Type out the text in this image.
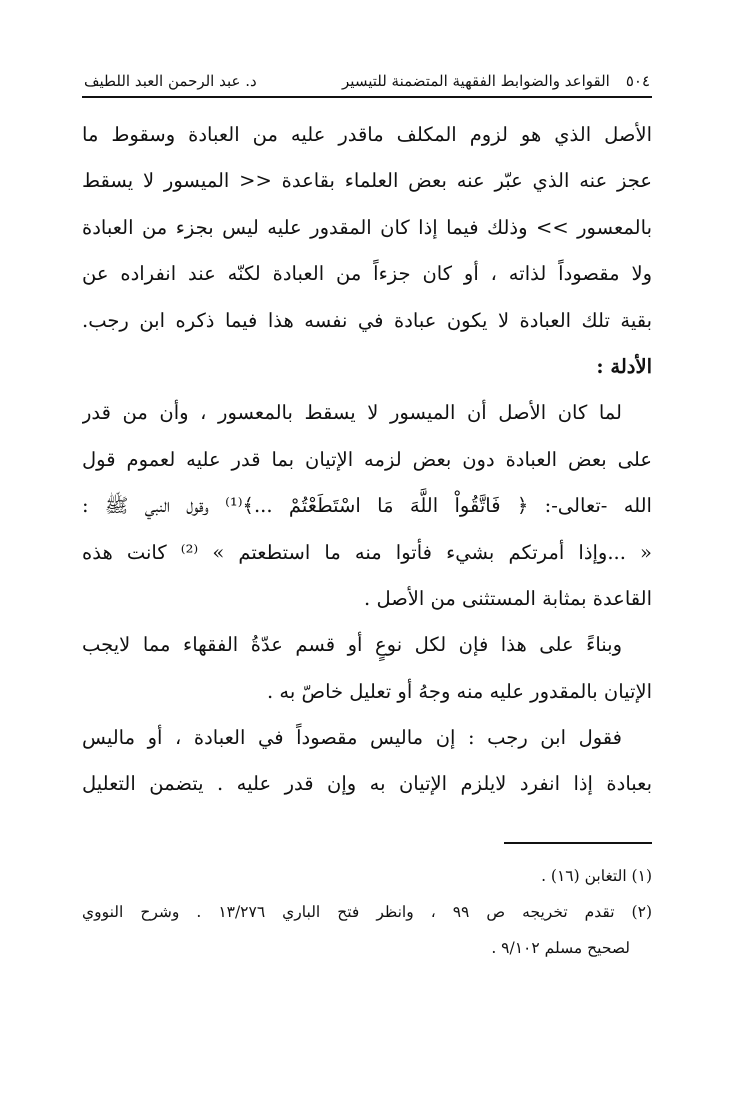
٥٠٤
القواعد والضوابط الفقهية المتضمنة للتيسير
د. عبد الرحمن العبد اللطيف
الأصل الذي هو لزوم المكلف ماقدر عليه من العبادة وسقوط ما
عجز عنه الذي عبّر عنه بعض العلماء بقاعدة << الميسور لا يسقط
بالمعسور >> وذلك فيما إذا كان المقدور عليه ليس بجزء من العبادة
ولا مقصوداً لذاته ، أو كان جزءاً من العبادة لكنّه عند انفراده عن
بقية تلك العبادة لا يكون عبادة في نفسه هذا فيما ذكره ابن رجب.
الأدلة :
لما كان الأصل أن الميسور لا يسقط بالمعسور ، وأن من قدر
على بعض العبادة دون بعض لزمه الإتيان بما قدر عليه لعموم قول
الله -تعالى-: ﴿ فَاتَّقُواْ اللَّهَ مَا اسْتَطَعْتُمْ ...﴾⁽¹⁾ وقول النبي ﷺ :
« ...وإذا أمرتكم بشيء فأتوا منه ما استطعتم » ⁽²⁾ كانت هذه
القاعدة بمثابة المستثنى من الأصل .
وبناءً على هذا فإن لكل نوعٍ أو قسم عدّةُ الفقهاء مما لايجب
الإتيان بالمقدور عليه منه وجهُ أو تعليل خاصّ به .
فقول ابن رجب : إن ماليس مقصوداً في العبادة ، أو ماليس
بعبادة إذا انفرد لايلزم الإتيان به وإن قدر عليه . يتضمن التعليل
(١) التغابن (١٦) .
(٢) تقدم تخريجه ص ٩٩ ، وانظر فتح الباري ١٣/٢٧٦ . وشرح النووي
لصحيح مسلم ٩/١٠٢ .
